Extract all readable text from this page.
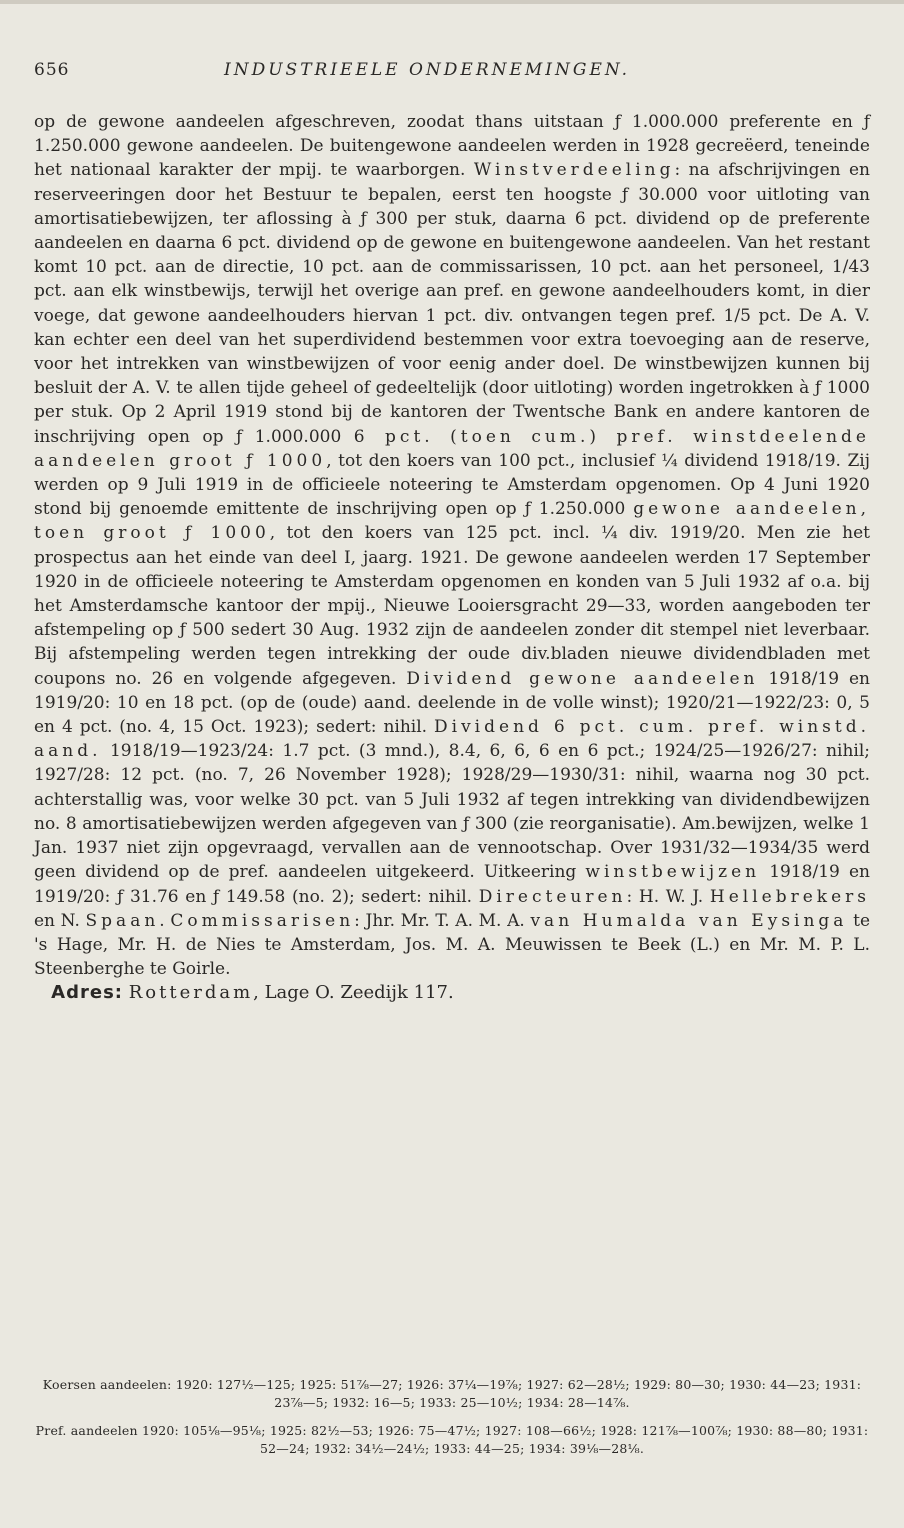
656	INDUSTRIEELE ONDERNEMINGEN.

op de gewone aandeelen afgeschreven, zoodat thans uitstaan ƒ 1.000.000 preferente en ƒ 1.250.000 gewone aandeelen. De buitengewone aandeelen werden in 1928 gecreëerd, teneinde het nationaal karakter der mpij. te waarborgen. Winstverdeeling: na afschrijvingen en reserveeringen door het Bestuur te bepalen, eerst ten hoogste ƒ 30.000 voor uitloting van amortisatiebewijzen, ter aflossing à ƒ 300 per stuk, daarna 6 pct. dividend op de preferente aandeelen en daarna 6 pct. dividend op de gewone en buitengewone aandeelen. Van het restant komt 10 pct. aan de directie, 10 pct. aan de commissarissen, 10 pct. aan het personeel, 1/43 pct. aan elk winstbewijs, terwijl het overige aan pref. en gewone aandeelhouders komt, in dier voege, dat gewone aandeelhouders hiervan 1 pct. div. ontvangen tegen pref. 1/5 pct. De A. V. kan echter een deel van het superdividend bestemmen voor extra toevoeging aan de reserve, voor het intrekken van winstbewijzen of voor eenig ander doel. De winstbewijzen kunnen bij besluit der A. V. te allen tijde geheel of gedeeltelijk (door uitloting) worden ingetrokken à ƒ 1000 per stuk. Op 2 April 1919 stond bij de kantoren der Twentsche Bank en andere kantoren de inschrijving open op ƒ 1.000.000 6 pct. (toen cum.) pref. winstdeelende aandeelen groot ƒ 1000, tot den koers van 100 pct., inclusief ¼ dividend 1918/19. Zij werden op 9 Juli 1919 in de officieele noteering te Amsterdam opgenomen. Op 4 Juni 1920 stond bij genoemde emittente de inschrijving open op ƒ 1.250.000 gewone aandeelen, toen groot ƒ 1000, tot den koers van 125 pct. incl. ¼ div. 1919/20. Men zie het prospectus aan het einde van deel I, jaarg. 1921. De gewone aandeelen werden 17 September 1920 in de officieele noteering te Amsterdam opgenomen en konden van 5 Juli 1932 af o.a. bij het Amsterdamsche kantoor der mpij., Nieuwe Looiersgracht 29—33, worden aangeboden ter afstempeling op ƒ 500 sedert 30 Aug. 1932 zijn de aandeelen zonder dit stempel niet leverbaar. Bij afstempeling werden tegen intrekking der oude div.bladen nieuwe dividendbladen met coupons no. 26 en volgende afgegeven. Dividend gewone aandeelen 1918/19 en 1919/20: 10 en 18 pct. (op de (oude) aand. deelende in de volle winst); 1920/21—1922/23: 0, 5 en 4 pct. (no. 4, 15 Oct. 1923); sedert: nihil. Dividend 6 pct. cum. pref. winstd. aand. 1918/19—1923/24: 1.7 pct. (3 mnd.), 8.4, 6, 6, 6 en 6 pct.; 1924/25—1926/27: nihil; 1927/28: 12 pct. (no. 7, 26 November 1928); 1928/29—1930/31: nihil, waarna nog 30 pct. achterstallig was, voor welke 30 pct. van 5 Juli 1932 af tegen intrekking van dividendbewijzen no. 8 amortisatiebewijzen werden afgegeven van ƒ 300 (zie reorganisatie). Am.bewijzen, welke 1 Jan. 1937 niet zijn opgevraagd, vervallen aan de vennootschap. Over 1931/32—1934/35 werd geen dividend op de pref. aandeelen uitgekeerd. Uitkeering winstbewijzen 1918/19 en 1919/20: ƒ 31.76 en ƒ 149.58 (no. 2); sedert: nihil. Directeuren: H. W. J. Hellebrekers en N. Spaan. Commissarisen: Jhr. Mr. T. A. M. A. van Humalda van Eysinga te 's Hage, Mr. H. de Nies te Amsterdam, Jos. M. A. Meuwissen te Beek (L.) en Mr. M. P. L. Steenberghe te Goirle.

Adres: Rotterdam, Lage O. Zeedijk 117.

Koersen aandeelen: 1920: 127½—125; 1925: 51⅞—27; 1926: 37¼—19⅞; 1927: 62—28½; 1929: 80—30; 1930: 44—23; 1931: 23⅞—5; 1932: 16—5; 1933: 25—10½; 1934: 28—14⅞.

Pref. aandeelen 1920: 105⅛—95⅛; 1925: 82½—53; 1926: 75—47½; 1927: 108—66½; 1928: 121⅞—100⅞; 1930: 88—80; 1931: 52—24; 1932: 34½—24½; 1933: 44—25; 1934: 39⅛—28⅛.
